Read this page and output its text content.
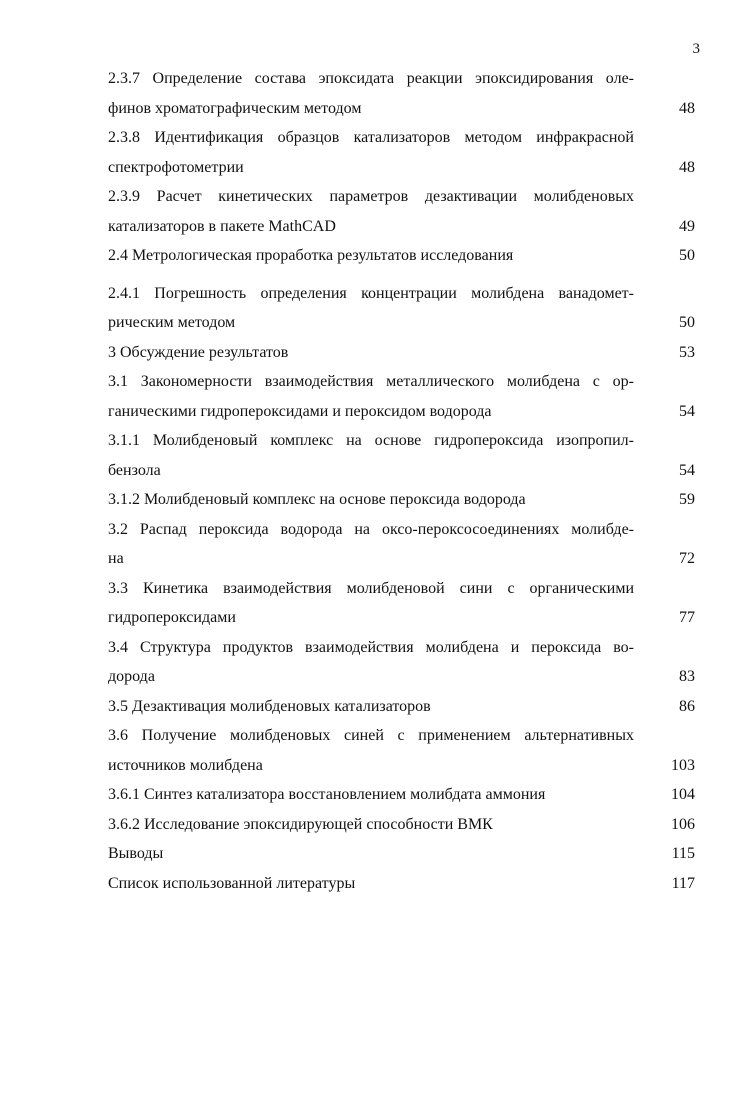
3
2.3.7 Определение состава эпоксидата реакции эпоксидирования оле-
финов хроматографическим методом	48
2.3.8 Идентификация образцов катализаторов методом инфракрасной
спектрофотометрии	48
2.3.9 Расчет кинетических параметров дезактивации молибденовых
катализаторов в пакете MathCAD	49
2.4 Метрологическая проработка результатов исследования	50
2.4.1 Погрешность определения концентрации молибдена ванадомет-
рическим методом	50
3 Обсуждение результатов	53
3.1 Закономерности взаимодействия металлического молибдена с ор-
ганическими гидропероксидами и пероксидом водорода	54
3.1.1 Молибденовый комплекс на основе гидропероксида изопропил-
бензола	54
3.1.2 Молибденовый комплекс на основе пероксида водорода	59
3.2 Распад пероксида водорода на оксо-пероксосоединениях молибде-
на	72
3.3 Кинетика взаимодействия молибденовой сини с органическими
гидропероксидами	77
3.4 Структура продуктов взаимодействия молибдена и пероксида во-
дорода	83
3.5 Дезактивация молибденовых катализаторов	86
3.6 Получение молибденовых синей с применением альтернативных
источников молибдена	103
3.6.1 Синтез катализатора восстановлением молибдата аммония	104
3.6.2 Исследование эпоксидирующей способности ВМК	106
Выводы	115
Список использованной литературы	117
